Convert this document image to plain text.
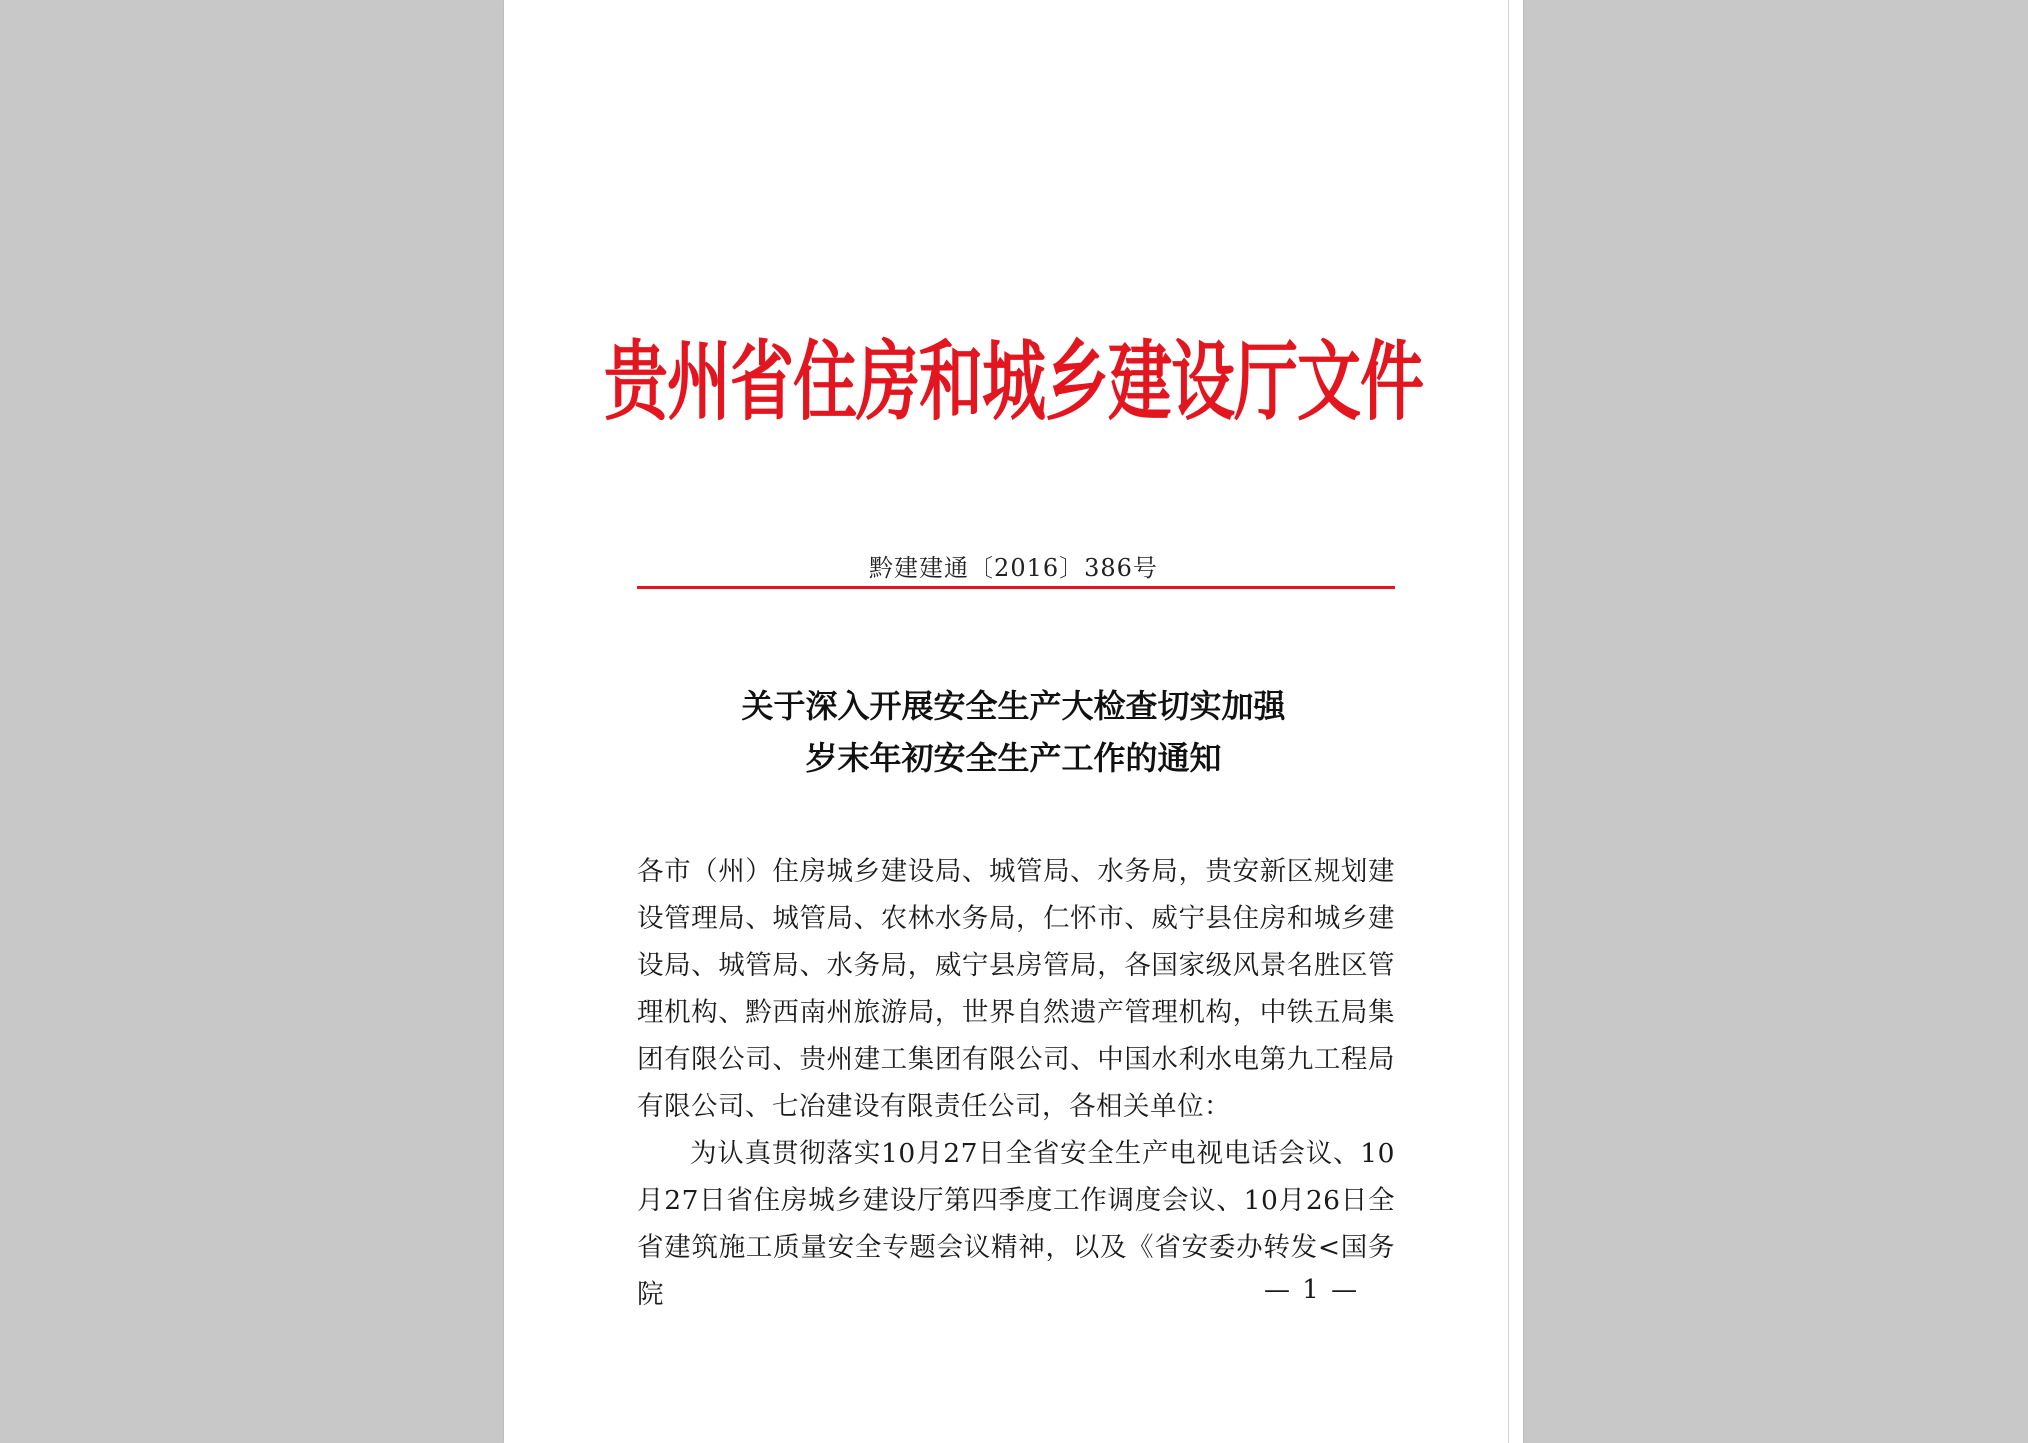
贵州省住房和城乡建设厅文件
黔建建通〔2016〕386号
关于深入开展安全生产大检查切实加强
岁末年初安全生产工作的通知

各市（州）住房城乡建设局、城管局、水务局，贵安新区规划建设管理局、城管局、农林水务局，仁怀市、威宁县住房和城乡建设局、城管局、水务局，威宁县房管局，各国家级风景名胜区管理机构、黔西南州旅游局，世界自然遗产管理机构，中铁五局集团有限公司、贵州建工集团有限公司、中国水利水电第九工程局有限公司、七冶建设有限责任公司，各相关单位：

为认真贯彻落实10月27日全省安全生产电视电话会议、10月27日省住房城乡建设厅第四季度工作调度会议、10月26日全省建筑施工质量安全专题会议精神，以及《省安委办转发<国务院	— 1 —
